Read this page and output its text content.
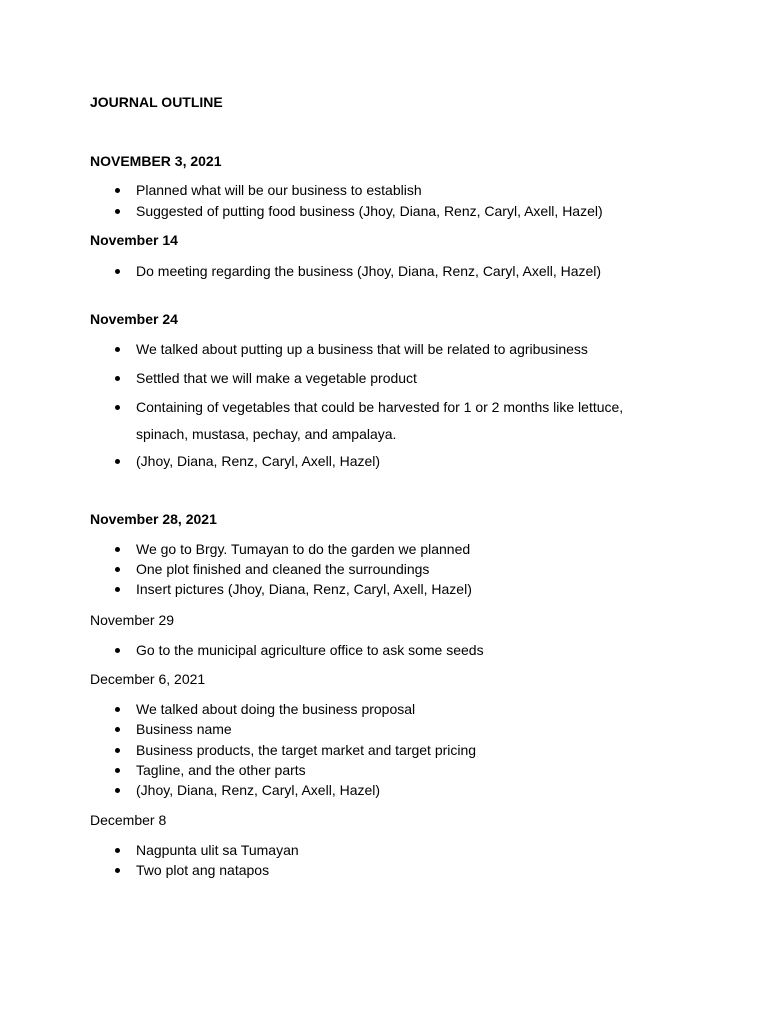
JOURNAL OUTLINE
NOVEMBER 3, 2021
Planned what will be our business to establish
Suggested of putting food business (Jhoy, Diana, Renz, Caryl, Axell, Hazel)
November 14
Do meeting regarding the business (Jhoy, Diana, Renz, Caryl, Axell, Hazel)
November 24
We talked about putting up a business that will be related to agribusiness
Settled that we will make a vegetable product
Containing of vegetables that could be harvested for 1 or 2 months like lettuce,
spinach, mustasa, pechay, and ampalaya.
(Jhoy, Diana, Renz, Caryl, Axell, Hazel)
November 28, 2021
We go to Brgy. Tumayan to do the garden we planned
One plot finished and cleaned the surroundings
Insert pictures (Jhoy, Diana, Renz, Caryl, Axell, Hazel)
November 29
Go to the municipal agriculture office to ask some seeds
December 6, 2021
We talked about doing the business proposal
Business name
Business products, the target market and target pricing
Tagline, and the other parts
(Jhoy, Diana, Renz, Caryl, Axell, Hazel)
December 8
Nagpunta ulit sa Tumayan
Two plot ang natapos
